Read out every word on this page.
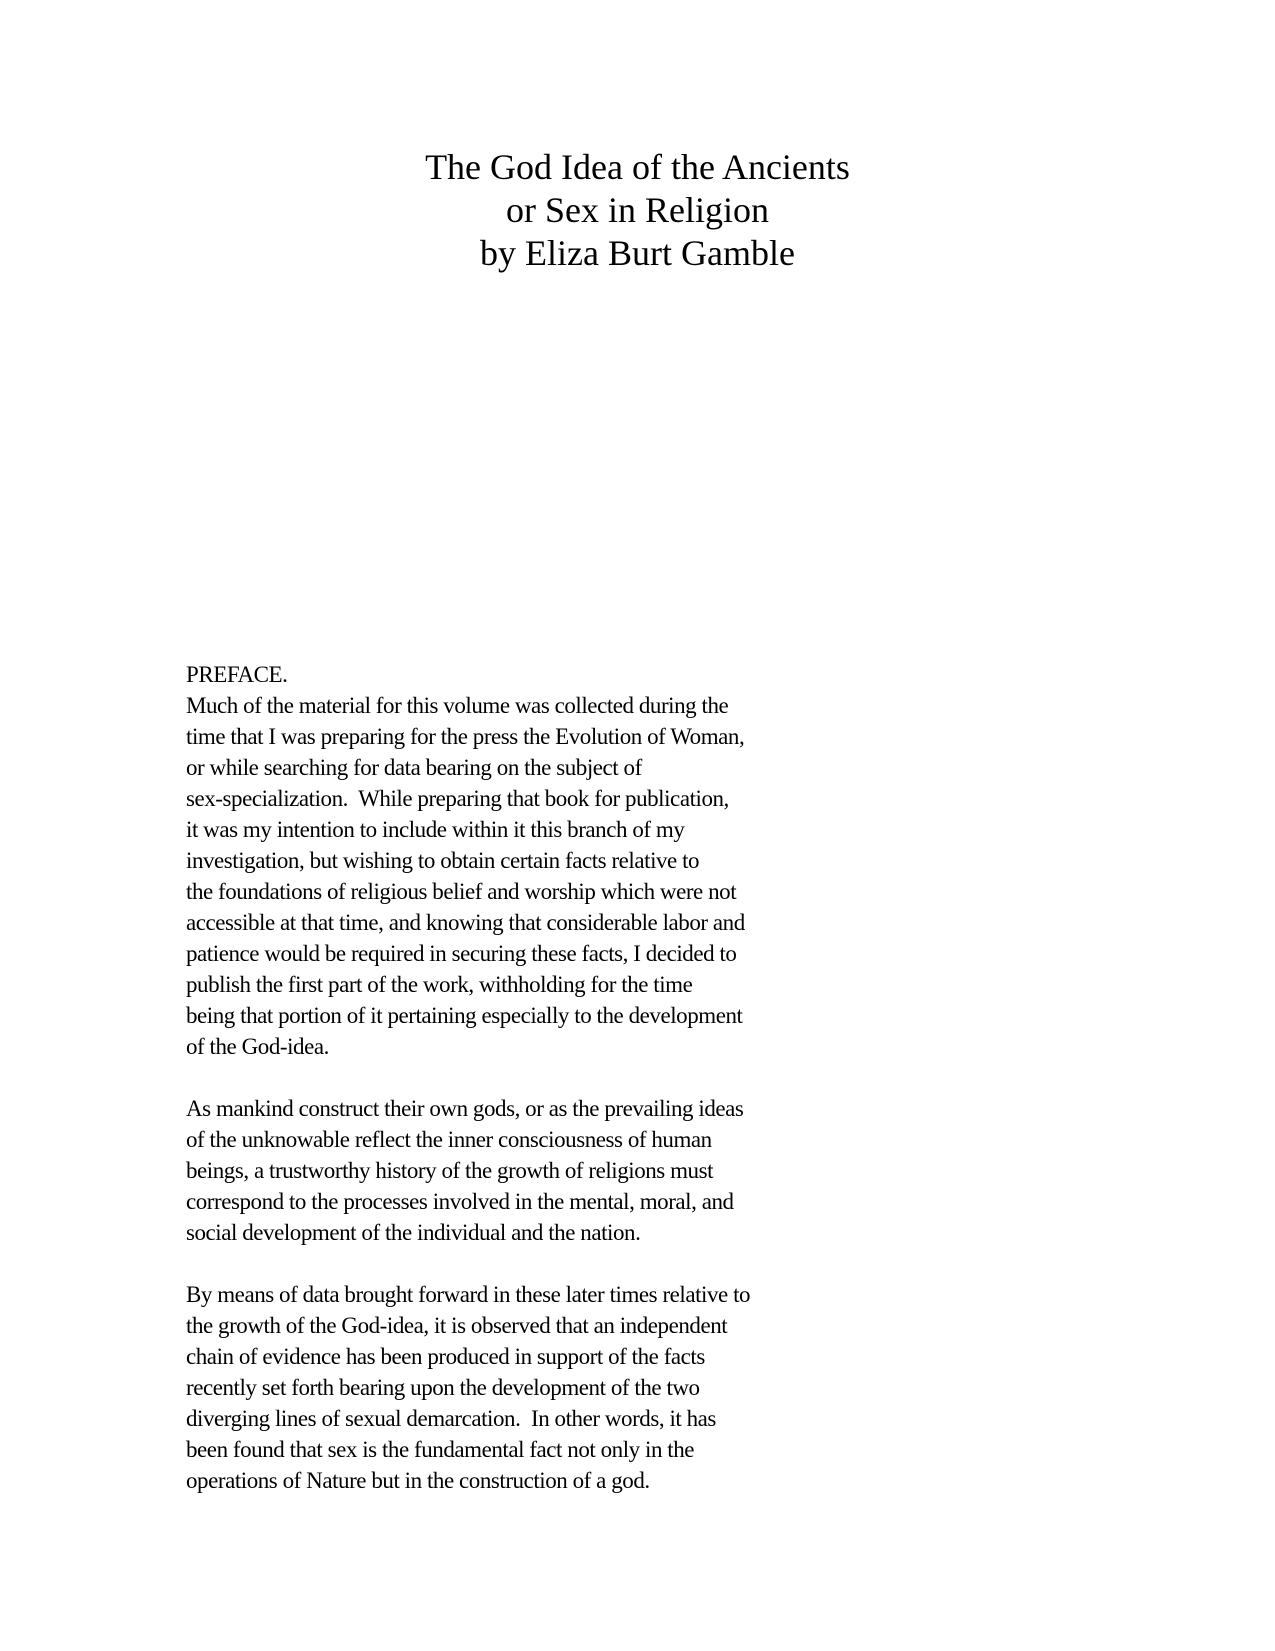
The God Idea of the Ancients
or Sex in Religion
by Eliza Burt Gamble
PREFACE.
Much of the material for this volume was collected during the
time that I was preparing for the press the Evolution of Woman,
or while searching for data bearing on the subject of
sex-specialization.  While preparing that book for publication,
it was my intention to include within it this branch of my
investigation, but wishing to obtain certain facts relative to
the foundations of religious belief and worship which were not
accessible at that time, and knowing that considerable labor and
patience would be required in securing these facts, I decided to
publish the first part of the work, withholding for the time
being that portion of it pertaining especially to the development
of the God-idea.
As mankind construct their own gods, or as the prevailing ideas
of the unknowable reflect the inner consciousness of human
beings, a trustworthy history of the growth of religions must
correspond to the processes involved in the mental, moral, and
social development of the individual and the nation.
By means of data brought forward in these later times relative to
the growth of the God-idea, it is observed that an independent
chain of evidence has been produced in support of the facts
recently set forth bearing upon the development of the two
diverging lines of sexual demarcation.  In other words, it has
been found that sex is the fundamental fact not only in the
operations of Nature but in the construction of a god.
